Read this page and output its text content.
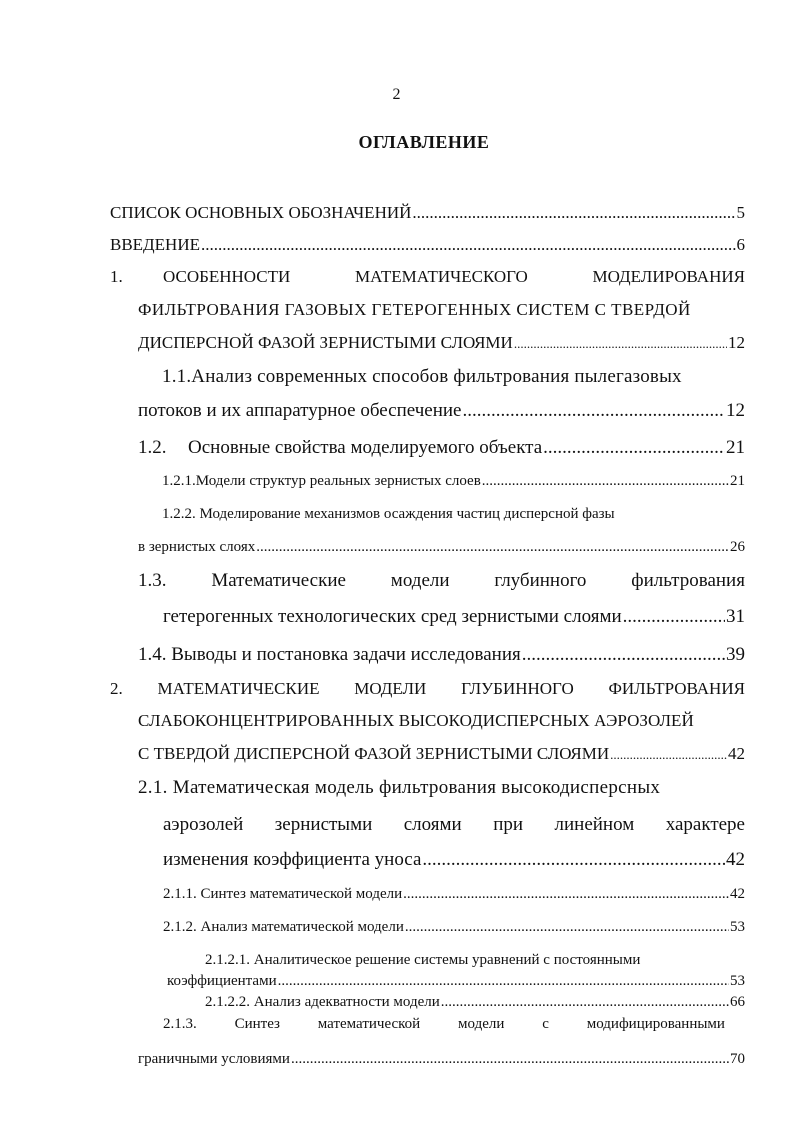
2
ОГЛАВЛЕНИЕ
СПИСОК ОСНОВНЫХ ОБОЗНАЧЕНИЙ .....	5
ВВЕДЕНИЕ .....	6
1. ОСОБЕННОСТИ	МАТЕМАТИЧЕСКОГО	МОДЕЛИРОВАНИЯ
ФИЛЬТРОВАНИЯ ГАЗОВЫХ ГЕТЕРОГЕННЫХ СИСТЕМ С ТВЕРДОЙ
ДИСПЕРСНОЙ ФАЗОЙ ЗЕРНИСТЫМИ СЛОЯМИ .....	12
1.1.Анализ современных способов фильтрования пылегазовых
потоков и их аппаратурное обеспечение .....	12
1.2. Основные свойства моделируемого объекта .....	21
1.2.1.Модели структур реальных зернистых слоев .....	21
1.2.2. Моделирование механизмов осаждения частиц дисперсной фазы
в зернистых слоях .....	26
1.3. Математические модели глубинного фильтрования
гетерогенных технологических сред зернистыми слоями .....	31
1.4. Выводы и постановка задачи исследования .....	39
2. МАТЕМАТИЧЕСКИЕ МОДЕЛИ ГЛУБИННОГО ФИЛЬТРОВАНИЯ
СЛАБОКОНЦЕНТРИРОВАННЫХ ВЫСОКОДИСПЕРСНЫХ АЭРОЗОЛЕЙ
С ТВЕРДОЙ ДИСПЕРСНОЙ ФАЗОЙ ЗЕРНИСТЫМИ СЛОЯМИ .....	42
2.1. Математическая модель фильтрования высокодисперсных
аэрозолей зернистыми слоями при линейном характере
изменения коэффициента уноса .....	42
2.1.1. Синтез математической модели .....	42
2.1.2. Анализ математической модели .....	53
2.1.2.1. Аналитическое решение системы уравнений с постоянными
коэффициентами .....	53
2.1.2.2. Анализ адекватности модели .....	66
2.1.3.	Синтез	математической	модели	с	модифицированными
граничными условиями .....	70
